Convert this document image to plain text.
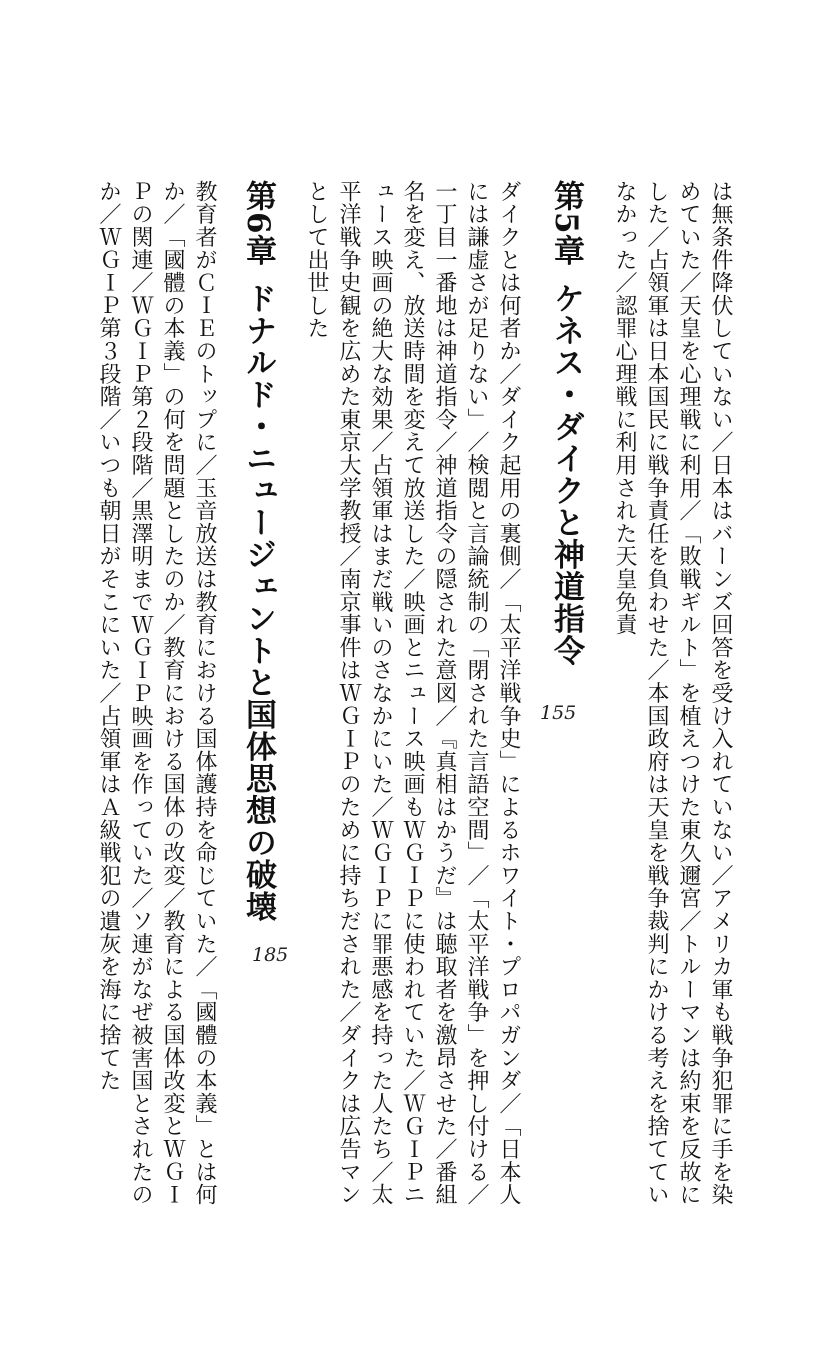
は無条件降伏していない／日本はバーンズ回答を受け入れていない／アメリカ軍も戦争犯罪に手を染
めていた／天皇を心理戦に利用／「敗戦ギルト」を植えつけた東久邇宮／トルーマンは約束を反故に
した／占領軍は日本国民に戦争責任を負わせた／本国政府は天皇を戦争裁判にかける考えを捨ててい
なかった／認罪心理戦に利用された天皇免責
第5章ケネス・ダイクと神道指令
155
ダイクとは何者か／ダイク起用の裏側／「太平洋戦争史」によるホワイト・プロパガンダ／「日本人
には謙虚さが足りない」／検閲と言論統制の「閉された言語空間」／「太平洋戦争」を押し付ける／
一丁目一番地は神道指令／神道指令の隠された意図／『真相はかうだ』は聴取者を激昂させた／番組
名を変え、放送時間を変えて放送した／映画とニュース映画もＷＧＩＰに使われていた／ＷＧＩＰニ
ュース映画の絶大な効果／占領軍はまだ戦いのさなかにいた／ＷＧＩＰに罪悪感を持った人たち／太
平洋戦争史観を広めた東京大学教授／南京事件はＷＧＩＰのために持ちだされた／ダイクは広告マン
として出世した
第6章ドナルド・ニュージェントと国体思想の破壊
185
教育者がＣＩＥのトップに／玉音放送は教育における国体護持を命じていた／「國體の本義」とは何
か／「國體の本義」の何を問題としたのか／教育における国体の改変／教育による国体改変とＷＧＩ
Ｐの関連／ＷＧＩＰ第２段階／黒澤明までＷＧＩＰ映画を作っていた／ソ連がなぜ被害国とされたの
か／ＷＧＩＰ第３段階／いつも朝日がそこにいた／占領軍はＡ級戦犯の遺灰を海に捨てた
